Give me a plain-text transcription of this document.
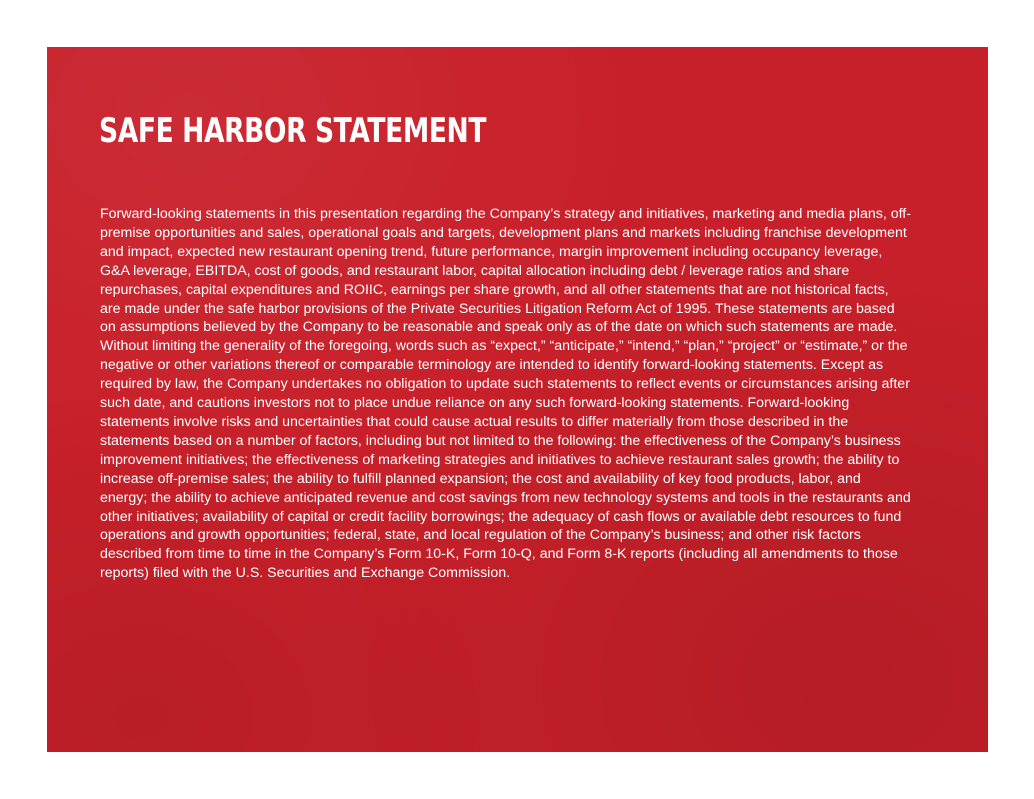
SAFE HARBOR STATEMENT

Forward-looking statements in this presentation regarding the Company’s strategy and initiatives, marketing and media plans, off-premise opportunities and sales, operational goals and targets, development plans and markets including franchise development and impact, expected new restaurant opening trend, future performance, margin improvement including occupancy leverage, G&A leverage, EBITDA, cost of goods, and restaurant labor, capital allocation including debt / leverage ratios and share repurchases, capital expenditures and ROIIC, earnings per share growth, and all other statements that are not historical facts, are made under the safe harbor provisions of the Private Securities Litigation Reform Act of 1995. These statements are based on assumptions believed by the Company to be reasonable and speak only as of the date on which such statements are made. Without limiting the generality of the foregoing, words such as “expect,” “anticipate,” “intend,” “plan,” “project” or “estimate,” or the negative or other variations thereof or comparable terminology are intended to identify forward-looking statements. Except as required by law, the Company undertakes no obligation to update such statements to reflect events or circumstances arising after such date, and cautions investors not to place undue reliance on any such forward-looking statements. Forward-looking statements involve risks and uncertainties that could cause actual results to differ materially from those described in the statements based on a number of factors, including but not limited to the following: the effectiveness of the Company’s business improvement initiatives; the effectiveness of marketing strategies and initiatives to achieve restaurant sales growth; the ability to increase off-premise sales; the ability to fulfill planned expansion; the cost and availability of key food products, labor, and energy; the ability to achieve anticipated revenue and cost savings from new technology systems and tools in the restaurants and other initiatives; availability of capital or credit facility borrowings; the adequacy of cash flows or available debt resources to fund operations and growth opportunities; federal, state, and local regulation of the Company’s business; and other risk factors described from time to time in the Company’s Form 10-K, Form 10-Q, and Form 8-K reports (including all amendments to those reports) filed with the U.S. Securities and Exchange Commission.
